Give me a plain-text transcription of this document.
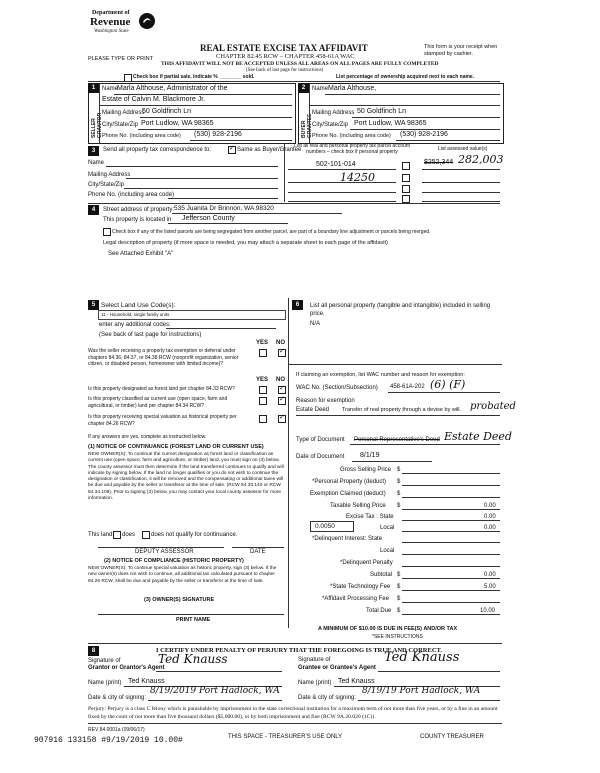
Department of
Revenue
Washington State
PLEASE TYPE OR PRINT
REAL ESTATE EXCISE TAX AFFIDAVIT
CHAPTER 82.45 RCW – CHAPTER 458-61A WAC
THIS AFFIDAVIT WILL NOT BE ACCEPTED UNLESS ALL AREAS ON ALL PAGES ARE FULLY COMPLETED
(See back of last page for instructions)
This form is your receipt when stamped by cashier.
Check box if partial sale, indicate % ________ sold.	List percentage of ownership acquired next to each name.
1
SELLER GRANTOR
Name
Marla Althouse, Administrator of the
Estate of Calvin M. Blackmore Jr.
Mailing Address
50 Goldfinch Ln
City/State/Zip Port Ludlow, WA 98365
Phone No. (including area code) (530) 928-2196
2
BUYER GRANTEE
Name Marla Althouse,
Mailing Address 50 Goldfinch Ln
City/State/Zip Port Ludlow, WA 98365
Phone No. (including area code) (530) 928-2196
3	Send all property tax correspondence to:
✓	Same as Buyer/Grantee
Name
Mailing Address
City/State/Zip
Phone No. (including area code)
List all real and personal property tax parcel account numbers – check box if personal property	List assessed value(s)
502-101-014	$252,344 282,003
14250
4	Street address of property: 535 Juanita Dr Brinnon, WA 98320
This property is located in Jefferson County
Check box if any of the listed parcels are being segregated from another parcel, are part of a boundary line adjustment or parcels being merged.
Legal description of property (if more space is needed, you may attach a separate sheet to each page of the affidavit)
See Attached Exhibit "A"
5 Select Land Use Code(s):
11 - Household, single family units
enter any additional codes:
(See back of last page for instructions)
YES NO
Was the seller receiving a property tax exemption or deferral under chapters 84.36, 84.37, or 84.38 RCW (nonprofit organization, senior citizen, or disabled person, homeowner with limited income)?
✓
YES NO
Is this property designated as forest land per chapter 84.33 RCW?
✓
Is this property classified as current use (open space, farm and agricultural, or timber) land per chapter 84.34 RCW?
✓
Is this property receiving special valuation as historical property per chapter 84.26 RCW?
✓
If any answers are yes, complete as instructed below.
(1) NOTICE OF CONTINUANCE (FOREST LAND OR CURRENT USE)
NEW OWNER(S): To continue the current designation as forest land or classification as current use (open space, farm and agriculture, or timber) land, you must sign on (3) below. The county assessor must then determine if the land transferred continues to qualify and will indicate by signing below. If the land no longer qualifies or you do not wish to continue the designation or classification, it will be removed and the compensating or additional taxes will be due and payable by the seller or transferor at the time of sale. (RCW 84.33.140 or RCW 84.34.108). Prior to signing (3) below, you may contact your local county assessor for more information.
This land does	does not qualify for continuance.
DEPUTY ASSESSOR	DATE
(2) NOTICE OF COMPLIANCE (HISTORIC PROPERTY)
NEW OWNER(S): To continue special valuation as historic property, sign (3) below. If the new owner(s) does not wish to continue, all additional tax calculated pursuant to chapter 84.26 RCW, shall be due and payable by the seller or transferor at the time of sale.
(3) OWNER(S) SIGNATURE
PRINT NAME
6	List all personal property (tangible and intangible) included in selling price.
N/A
If claiming an exemption, list WAC number and reason for exemption:
WAC No. (Section/Subsection) 458-61A-202 (6) (F)
Reason for exemption
Estate Deed Transfer of real property through a devise by will. probated
Type of Document Personal Representative's Deed Estate Deed
Date of Document 8/1/19
Gross Selling Price $
*Personal Property (deduct) $
Exemption Claimed (deduct) $
Taxable Selling Price $	0.00
Excise Tax : State	0.00
0.0050	Local	0.00
*Delinquent Interest: State
Local
*Delinquent Penalty
Subtotal $	0.00
*State Technology Fee $	5.00
*Affidavit Processing Fee $
Total Due $	10.00
A MINIMUM OF $10.00 IS DUE IN FEE(S) AND/OR TAX
*SEE INSTRUCTIONS
8	I CERTIFY UNDER PENALTY OF PERJURY THAT THE FOREGOING IS TRUE AND CORRECT.
Signature of
Grantor or Grantor's Agent
Ted Knauss	Signature of
Grantee or Grantee's Agent
Ted Knauss
Name (print) Ted Knauss	Name (print) Ted Knauss
Date & city of signing:
8/19/2019 Port Hadlock, WA
Date & city of signing:
8/19/19 Port Hadlock, WA
Perjury: Perjury is a class C felony which is punishable by imprisonment in the state correctional institution for a maximum term of not more than five years, or by a fine in an amount fixed by the court of not more than five thousand dollars ($5,000.00), or by both imprisonment and fine (RCW 9A.20.020 (1C)).
REV 84 0001a (09/06/17)
THIS SPACE - TREASURER'S USE ONLY	COUNTY TREASURER
907916 133158 #9/19/2019 10.00#
